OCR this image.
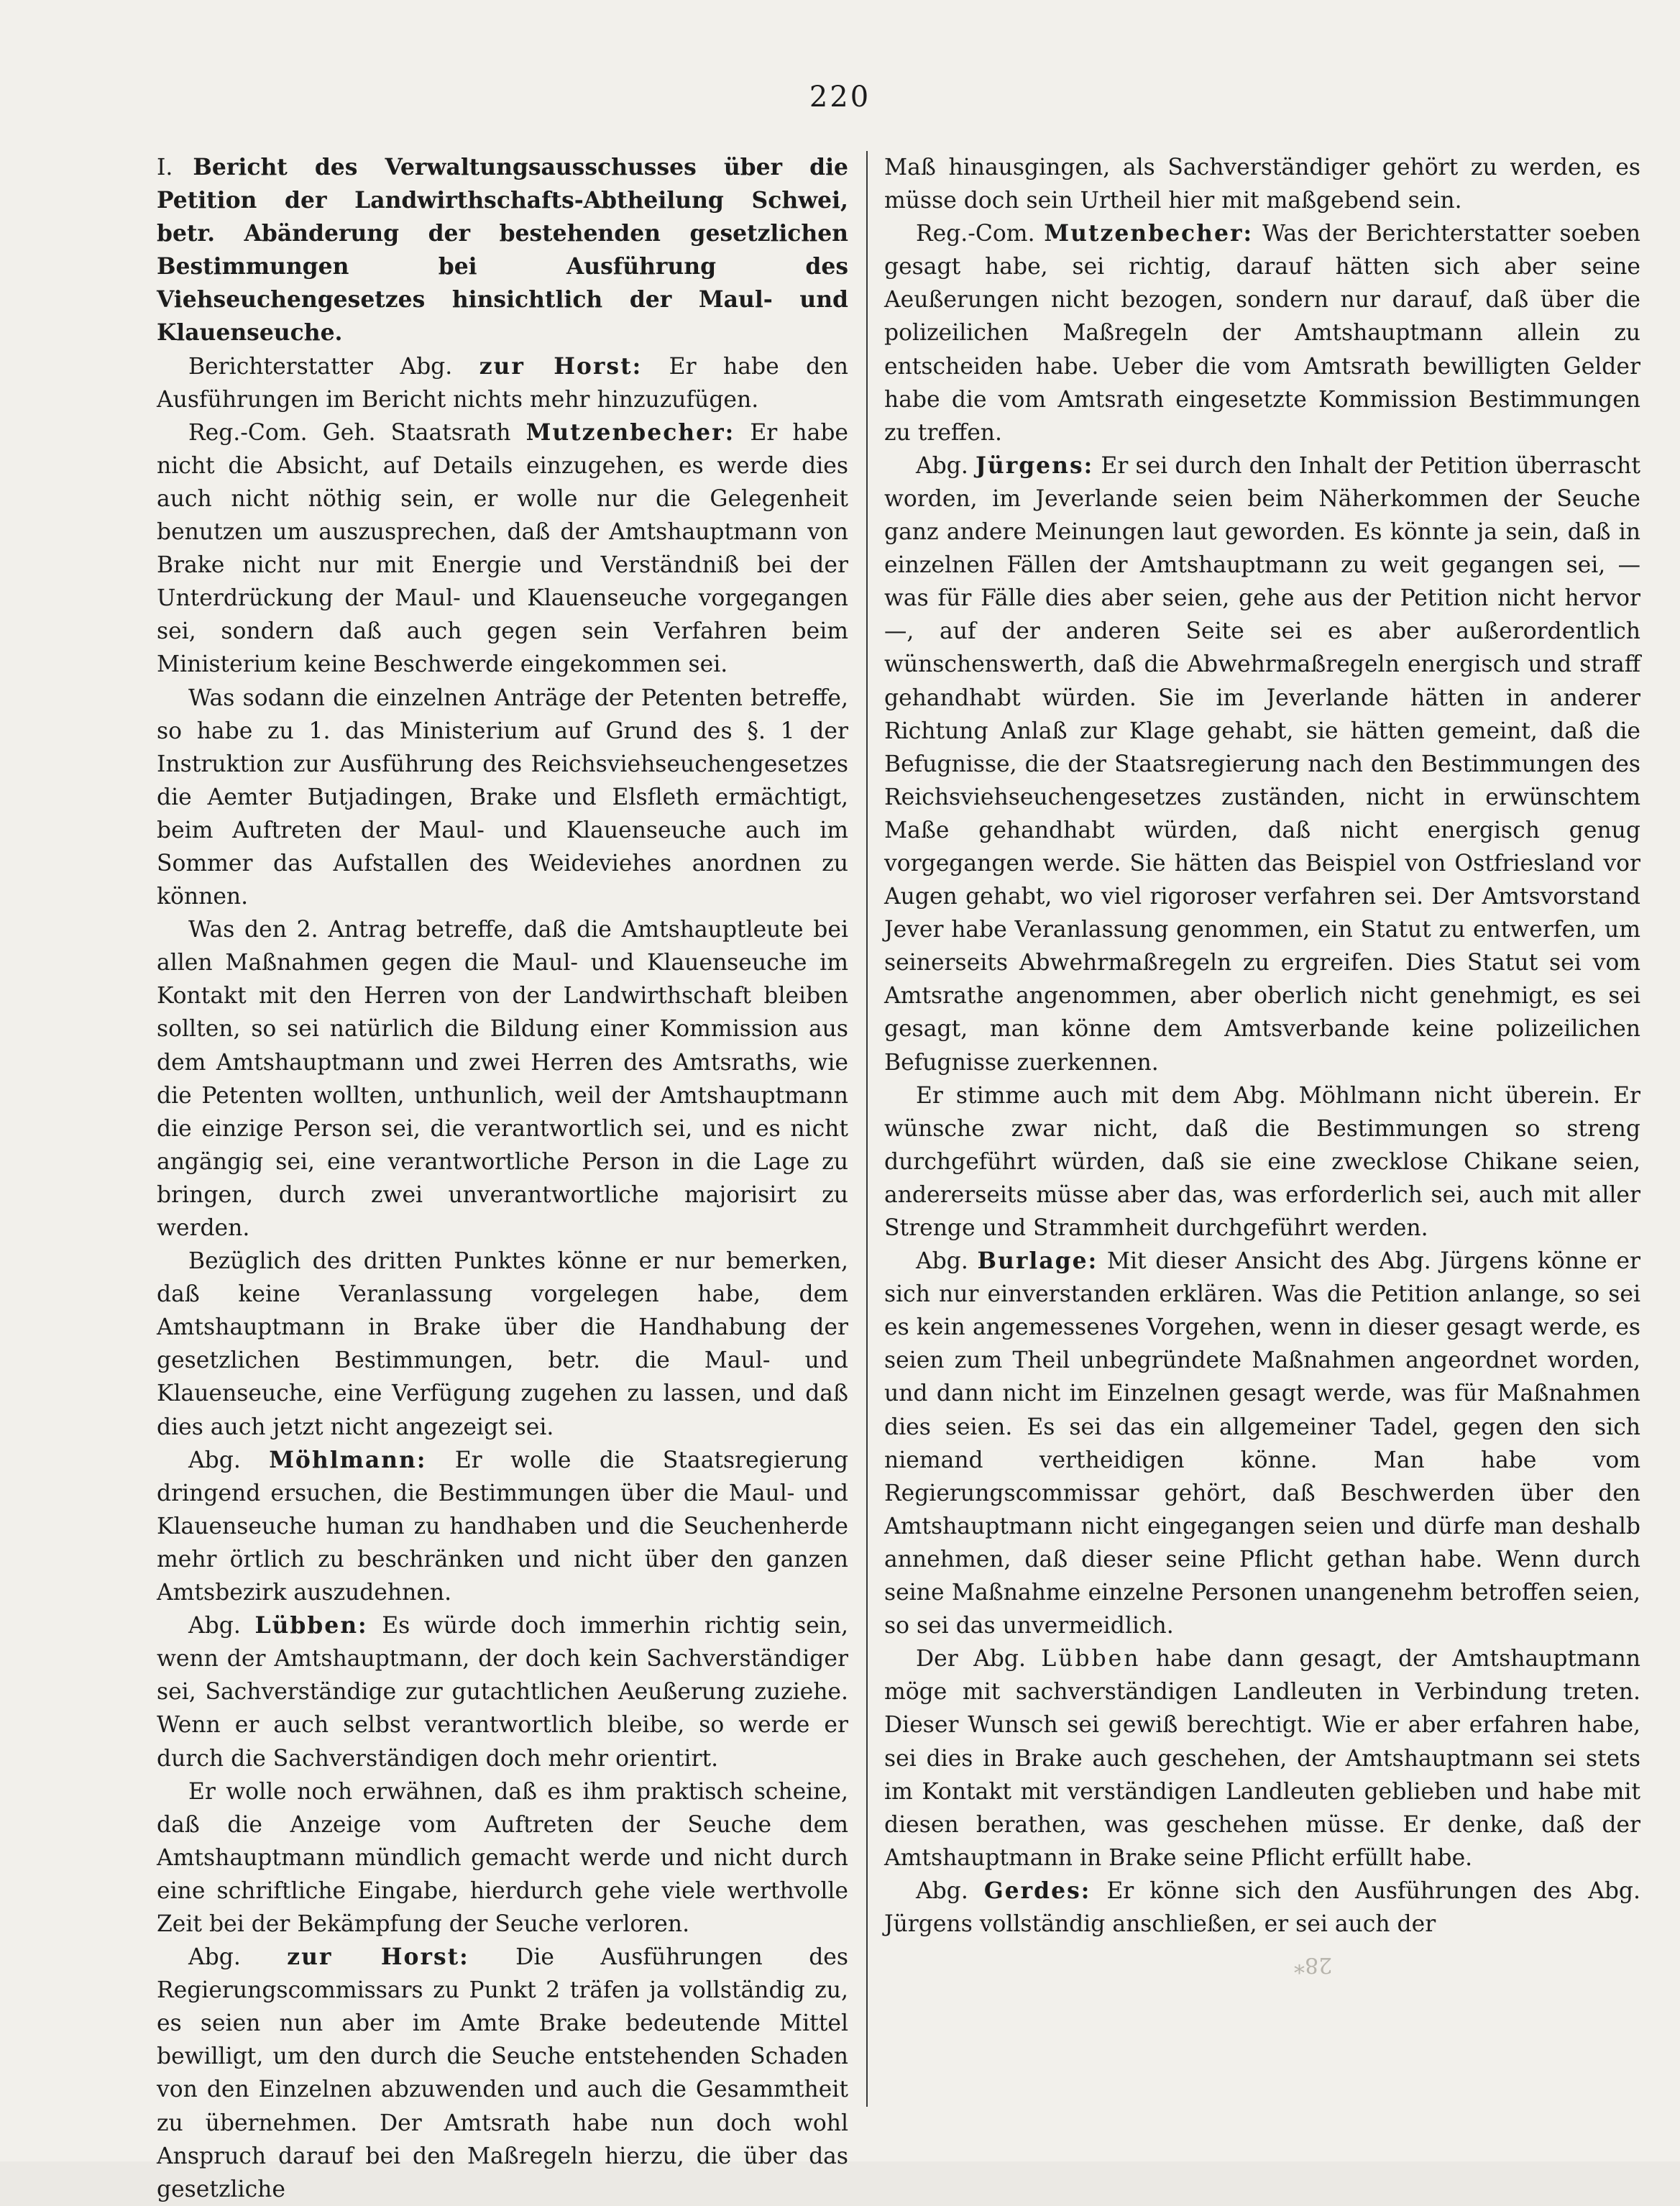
220

I. Bericht des Verwaltungsausschusses über die Petition der Landwirthschafts-Abtheilung Schwei, betr. Abänderung der bestehenden gesetzlichen Bestimmungen bei Ausführung des Viehseuchengesetzes hinsichtlich der Maul- und Klauenseuche.

Berichterstatter Abg. zur Horst: Er habe den Ausführungen im Bericht nichts mehr hinzuzufügen.

Reg.-Com. Geh. Staatsrath Mutzenbecher: Er habe nicht die Absicht, auf Details einzugehen, es werde dies auch nicht nöthig sein, er wolle nur die Gelegenheit benutzen um auszusprechen, daß der Amtshauptmann von Brake nicht nur mit Energie und Verständniß bei der Unterdrückung der Maul- und Klauenseuche vorgegangen sei, sondern daß auch gegen sein Verfahren beim Ministerium keine Beschwerde eingekommen sei.

Was sodann die einzelnen Anträge der Petenten betreffe, so habe zu 1. das Ministerium auf Grund des §. 1 der Instruktion zur Ausführung des Reichsviehseuchengesetzes die Aemter Butjadingen, Brake und Elsfleth ermächtigt, beim Auftreten der Maul- und Klauenseuche auch im Sommer das Aufstallen des Weideviehes anordnen zu können.

Was den 2. Antrag betreffe, daß die Amtshauptleute bei allen Maßnahmen gegen die Maul- und Klauenseuche im Kontakt mit den Herren von der Landwirthschaft bleiben sollten, so sei natürlich die Bildung einer Kommission aus dem Amtshauptmann und zwei Herren des Amtsraths, wie die Petenten wollten, unthunlich, weil der Amtshauptmann die einzige Person sei, die verantwortlich sei, und es nicht angängig sei, eine verantwortliche Person in die Lage zu bringen, durch zwei unverantwortliche majorisirt zu werden.

Bezüglich des dritten Punktes könne er nur bemerken, daß keine Veranlassung vorgelegen habe, dem Amtshauptmann in Brake über die Handhabung der gesetzlichen Bestimmungen, betr. die Maul- und Klauenseuche, eine Verfügung zugehen zu lassen, und daß dies auch jetzt nicht angezeigt sei.

Abg. Möhlmann: Er wolle die Staatsregierung dringend ersuchen, die Bestimmungen über die Maul- und Klauenseuche human zu handhaben und die Seuchenherde mehr örtlich zu beschränken und nicht über den ganzen Amtsbezirk auszudehnen.

Abg. Lübben: Es würde doch immerhin richtig sein, wenn der Amtshauptmann, der doch kein Sachverständiger sei, Sachverständige zur gutachtlichen Aeußerung zuziehe. Wenn er auch selbst verantwortlich bleibe, so werde er durch die Sachverständigen doch mehr orientirt.

Er wolle noch erwähnen, daß es ihm praktisch scheine, daß die Anzeige vom Auftreten der Seuche dem Amtshauptmann mündlich gemacht werde und nicht durch eine schriftliche Eingabe, hierdurch gehe viele werthvolle Zeit bei der Bekämpfung der Seuche verloren.

Abg. zur Horst: Die Ausführungen des Regierungscommissars zu Punkt 2 träfen ja vollständig zu, es seien nun aber im Amte Brake bedeutende Mittel bewilligt, um den durch die Seuche entstehenden Schaden von den Einzelnen abzuwenden und auch die Gesammtheit zu übernehmen. Der Amtsrath habe nun doch wohl Anspruch darauf bei den Maßregeln hierzu, die über das gesetzliche

Maß hinausgingen, als Sachverständiger gehört zu werden, es müsse doch sein Urtheil hier mit maßgebend sein.

Reg.-Com. Mutzenbecher: Was der Berichterstatter soeben gesagt habe, sei richtig, darauf hätten sich aber seine Aeußerungen nicht bezogen, sondern nur darauf, daß über die polizeilichen Maßregeln der Amtshauptmann allein zu entscheiden habe. Ueber die vom Amtsrath bewilligten Gelder habe die vom Amtsrath eingesetzte Kommission Bestimmungen zu treffen.

Abg. Jürgens: Er sei durch den Inhalt der Petition überrascht worden, im Jeverlande seien beim Näherkommen der Seuche ganz andere Meinungen laut geworden. Es könnte ja sein, daß in einzelnen Fällen der Amtshauptmann zu weit gegangen sei, — was für Fälle dies aber seien, gehe aus der Petition nicht hervor —, auf der anderen Seite sei es aber außerordentlich wünschenswerth, daß die Abwehrmaßregeln energisch und straff gehandhabt würden. Sie im Jeverlande hätten in anderer Richtung Anlaß zur Klage gehabt, sie hätten gemeint, daß die Befugnisse, die der Staatsregierung nach den Bestimmungen des Reichsviehseuchengesetzes zuständen, nicht in erwünschtem Maße gehandhabt würden, daß nicht energisch genug vorgegangen werde. Sie hätten das Beispiel von Ostfriesland vor Augen gehabt, wo viel rigoroser verfahren sei. Der Amtsvorstand Jever habe Veranlassung genommen, ein Statut zu entwerfen, um seinerseits Abwehrmaßregeln zu ergreifen. Dies Statut sei vom Amtsrathe angenommen, aber oberlich nicht genehmigt, es sei gesagt, man könne dem Amtsverbande keine polizeilichen Befugnisse zuerkennen.

Er stimme auch mit dem Abg. Möhlmann nicht überein. Er wünsche zwar nicht, daß die Bestimmungen so streng durchgeführt würden, daß sie eine zwecklose Chikane seien, andererseits müsse aber das, was erforderlich sei, auch mit aller Strenge und Strammheit durchgeführt werden.

Abg. Burlage: Mit dieser Ansicht des Abg. Jürgens könne er sich nur einverstanden erklären. Was die Petition anlange, so sei es kein angemessenes Vorgehen, wenn in dieser gesagt werde, es seien zum Theil unbegründete Maßnahmen angeordnet worden, und dann nicht im Einzelnen gesagt werde, was für Maßnahmen dies seien. Es sei das ein allgemeiner Tadel, gegen den sich niemand vertheidigen könne. Man habe vom Regierungscommissar gehört, daß Beschwerden über den Amtshauptmann nicht eingegangen seien und dürfe man deshalb annehmen, daß dieser seine Pflicht gethan habe. Wenn durch seine Maßnahme einzelne Personen unangenehm betroffen seien, so sei das unvermeidlich.

Der Abg. Lübben habe dann gesagt, der Amtshauptmann möge mit sachverständigen Landleuten in Verbindung treten. Dieser Wunsch sei gewiß berechtigt. Wie er aber erfahren habe, sei dies in Brake auch geschehen, der Amtshauptmann sei stets im Kontakt mit verständigen Landleuten geblieben und habe mit diesen berathen, was geschehen müsse. Er denke, daß der Amtshauptmann in Brake seine Pflicht erfüllt habe.

Abg. Gerdes: Er könne sich den Ausführungen des Abg. Jürgens vollständig anschließen, er sei auch der

28*
